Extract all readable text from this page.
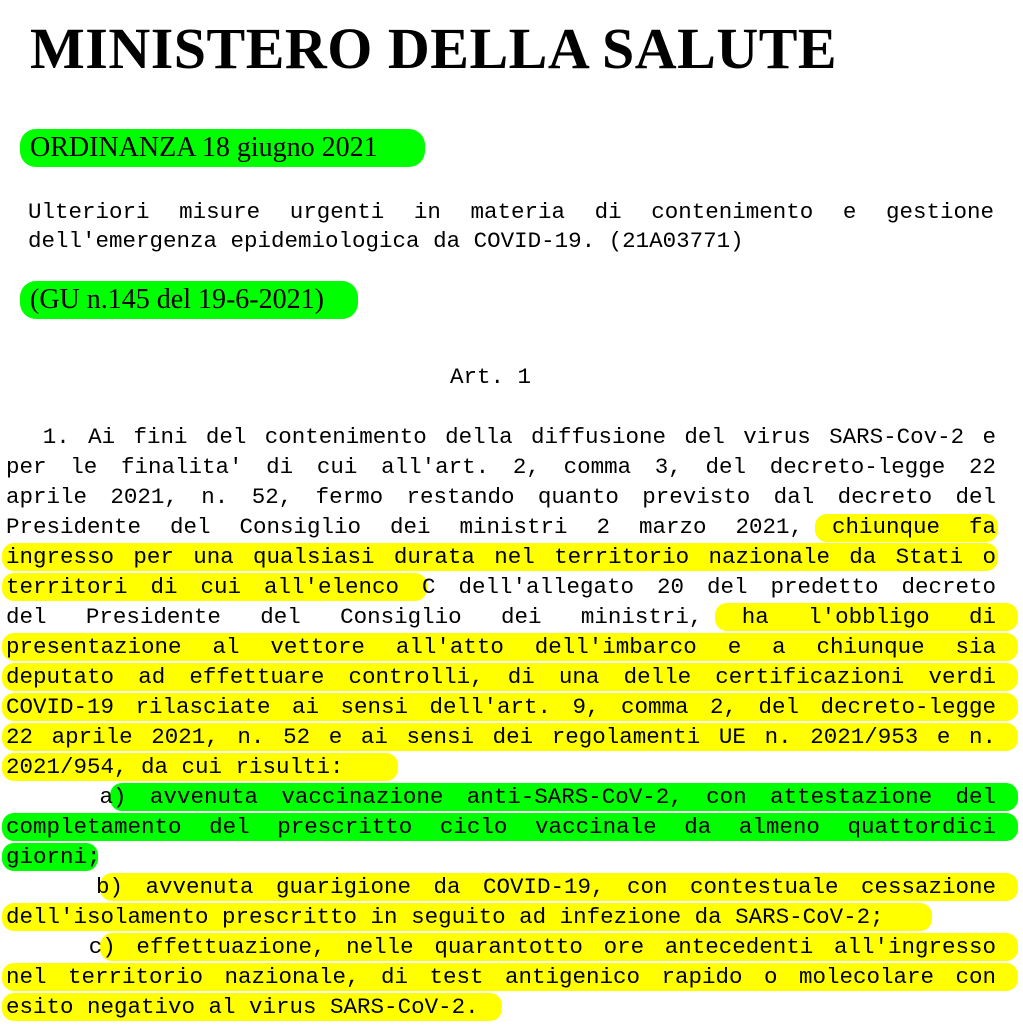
MINISTERO DELLA SALUTE
ORDINANZA 18 giugno 2021
Ulteriori misure urgenti in materia di contenimento e gestione
dell'emergenza epidemiologica da COVID-19. (21A03771)
(GU n.145 del 19-6-2021)
Art. 1
1. Ai fini del contenimento della diffusione del virus SARS-Cov-2 e
per le finalita' di cui all'art. 2, comma 3, del decreto-legge 22
aprile 2021, n. 52, fermo restando quanto previsto dal decreto del
Presidente del Consiglio dei ministri 2 marzo 2021, chiunque fa
ingresso per una qualsiasi durata nel territorio nazionale da Stati o
territori di cui all'elenco C dell'allegato 20 del predetto decreto
del Presidente del Consiglio dei ministri, ha l'obbligo di
presentazione al vettore all'atto dell'imbarco e a chiunque sia
deputato ad effettuare controlli, di una delle certificazioni verdi
COVID-19 rilasciate ai sensi dell'art. 9, comma 2, del decreto-legge
22 aprile 2021, n. 52 e ai sensi dei regolamenti UE n. 2021/953 e n.
2021/954, da cui risulti:
a) avvenuta vaccinazione anti-SARS-CoV-2, con attestazione del
completamento del prescritto ciclo vaccinale da almeno quattordici
giorni;
b) avvenuta guarigione da COVID-19, con contestuale cessazione
dell'isolamento prescritto in seguito ad infezione da SARS-CoV-2;
c) effettuazione, nelle quarantotto ore antecedenti all'ingresso
nel territorio nazionale, di test antigenico rapido o molecolare con
esito negativo al virus SARS-CoV-2.
